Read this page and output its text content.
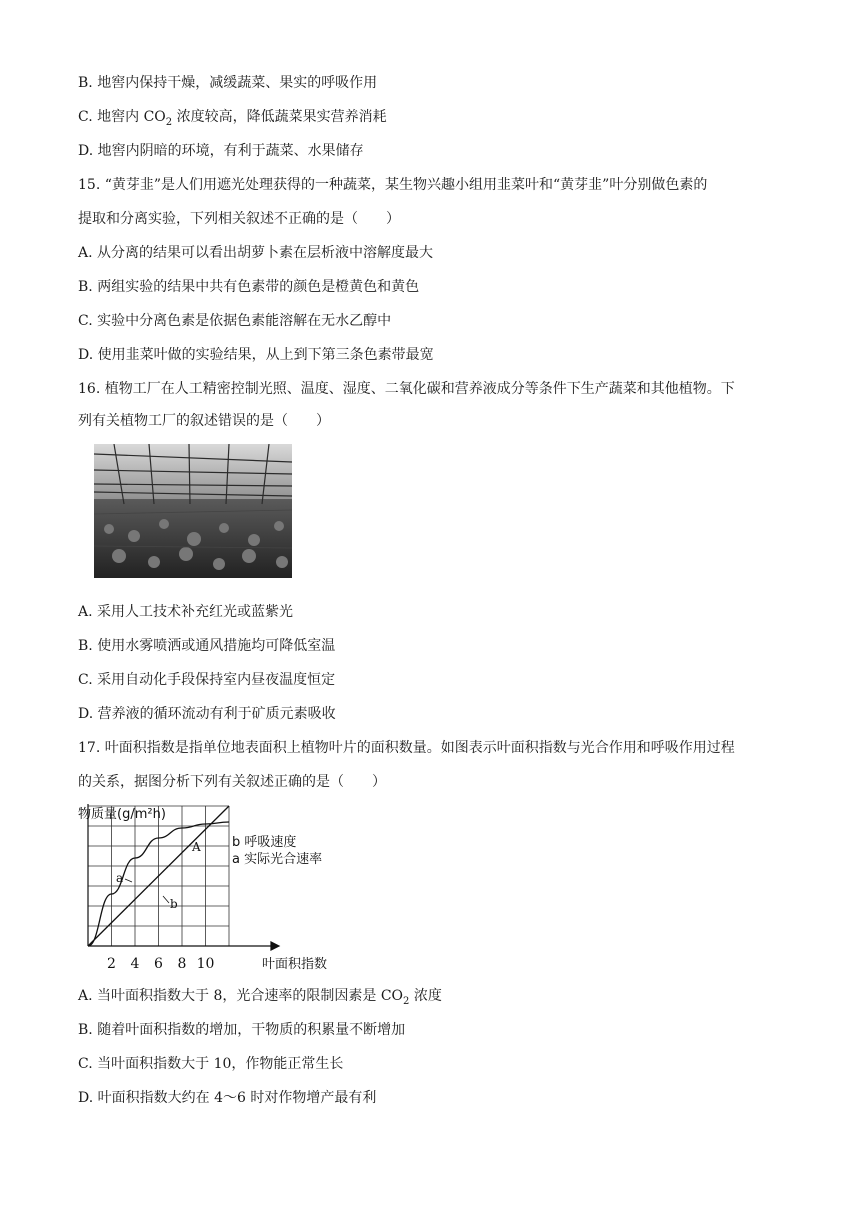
B. 地窖内保持干燥，减缓蔬菜、果实的呼吸作用
C. 地窖内 $CO_2$ 浓度较高，降低蔬菜果实营养消耗
D. 地窖内阴暗的环境，有利于蔬菜、水果储存
15. “黄芽韭”是人们用遮光处理获得的一种蔬菜，某生物兴趣小组用韭菜叶和“黄芽韭”叶分别做色素的
提取和分离实验，下列相关叙述不正确的是（　　）
A. 从分离的结果可以看出胡萝卜素在层析液中溶解度最大
B. 两组实验的结果中共有色素带的颜色是橙黄色和黄色
C. 实验中分离色素是依据色素能溶解在无水乙醇中
D. 使用韭菜叶做的实验结果，从上到下第三条色素带最宽
16. 植物工厂在人工精密控制光照、温度、湿度、二氧化碳和营养液成分等条件下生产蔬菜和其他植物。下
列有关植物工厂的叙述错误的是（　　）
A. 采用人工技术补充红光或蓝紫光
B. 使用水雾喷洒或通风措施均可降低室温
C. 采用自动化手段保持室内昼夜温度恒定
D. 营养液的循环流动有利于矿质元素吸收
17. 叶面积指数是指单位地表面积上植物叶片的面积数量。如图表示叶面积指数与光合作用和呼吸作用过程
的关系，据图分析下列有关叙述正确的是（　　）
物质量(g/m²h)
叶面积指数
2 4 6 8 10
b 呼吸速度
a 实际光合速率
a
b
A
A. 当叶面积指数大于 8，光合速率的限制因素是 $CO_2$ 浓度
B. 随着叶面积指数的增加，干物质的积累量不断增加
C. 当叶面积指数大于 10，作物能正常生长
D. 叶面积指数大约在 4～6 时对作物增产最有利
